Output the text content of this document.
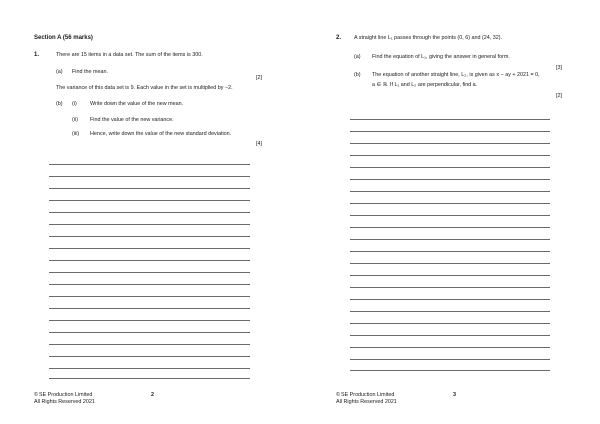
Section A (56 marks)
1.	There are 15 items in a data set. The sum of the items is 300.
(a) Find the mean.
[2]
The variance of this data set is 9. Each value in the set is multiplied by −2.
(b) (i) Write down the value of the new mean.
(ii) Find the value of the new variance.
(iii) Hence, write down the value of the new standard deviation.
[4]
© SE Production Limited
All Rights Reserved 2021
2
2. A straight line L₁ passes through the points (0, 6) and (24, 32).
(a) Find the equation of L₁, giving the answer in general form.
[3]
(b) The equation of another straight line, L₂, is given as x − ay + 2021 = 0,
a ∈ ℝ. If L₁ and L₂ are perpendicular, find a.
[2]
© SE Production Limited
All Rights Reserved 2021
3
